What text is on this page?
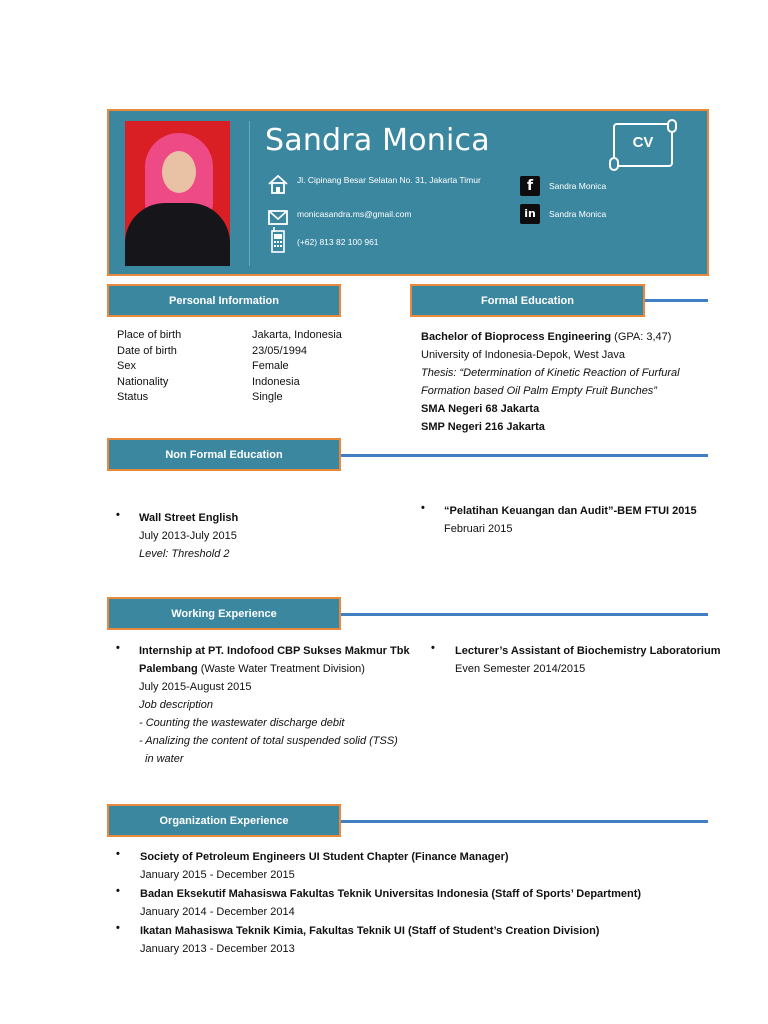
Sandra Monica	CV
Jl. Cipinang Besar Selatan No. 31, Jakarta Timur
monicasandra.ms@gmail.com
(+62) 813 82 100 961
f	Sandra Monica
in	Sandra Monica
Personal Information
Place of birth	Jakarta, Indonesia
Date of birth	23/05/1994
Sex	Female
Nationality	Indonesia
Status	Single
Formal Education
Bachelor of Bioprocess Engineering (GPA: 3,47)
University of Indonesia-Depok, West Java
Thesis: “Determination of Kinetic Reaction of Furfural
Formation based Oil Palm Empty Fruit Bunches”
SMA Negeri 68 Jakarta
SMP Negeri 216 Jakarta
Non Formal Education
• Wall Street English
July 2013-July 2015
Level: Threshold 2
• “Pelatihan Keuangan dan Audit”-BEM FTUI 2015
Februari 2015
Working Experience
• Internship at PT. Indofood CBP Sukses Makmur Tbk
Palembang (Waste Water Treatment Division)
July 2015-August 2015
Job description
- Counting the wastewater discharge debit
- Analizing the content of total suspended solid (TSS)
in water
• Lecturer’s Assistant of Biochemistry Laboratorium
Even Semester 2014/2015
Organization Experience
• Society of Petroleum Engineers UI Student Chapter (Finance Manager)
January 2015 - December 2015
• Badan Eksekutif Mahasiswa Fakultas Teknik Universitas Indonesia (Staff of Sports’ Department)
January 2014 - December 2014
• Ikatan Mahasiswa Teknik Kimia, Fakultas Teknik UI (Staff of Student’s Creation Division)
January 2013 - December 2013
